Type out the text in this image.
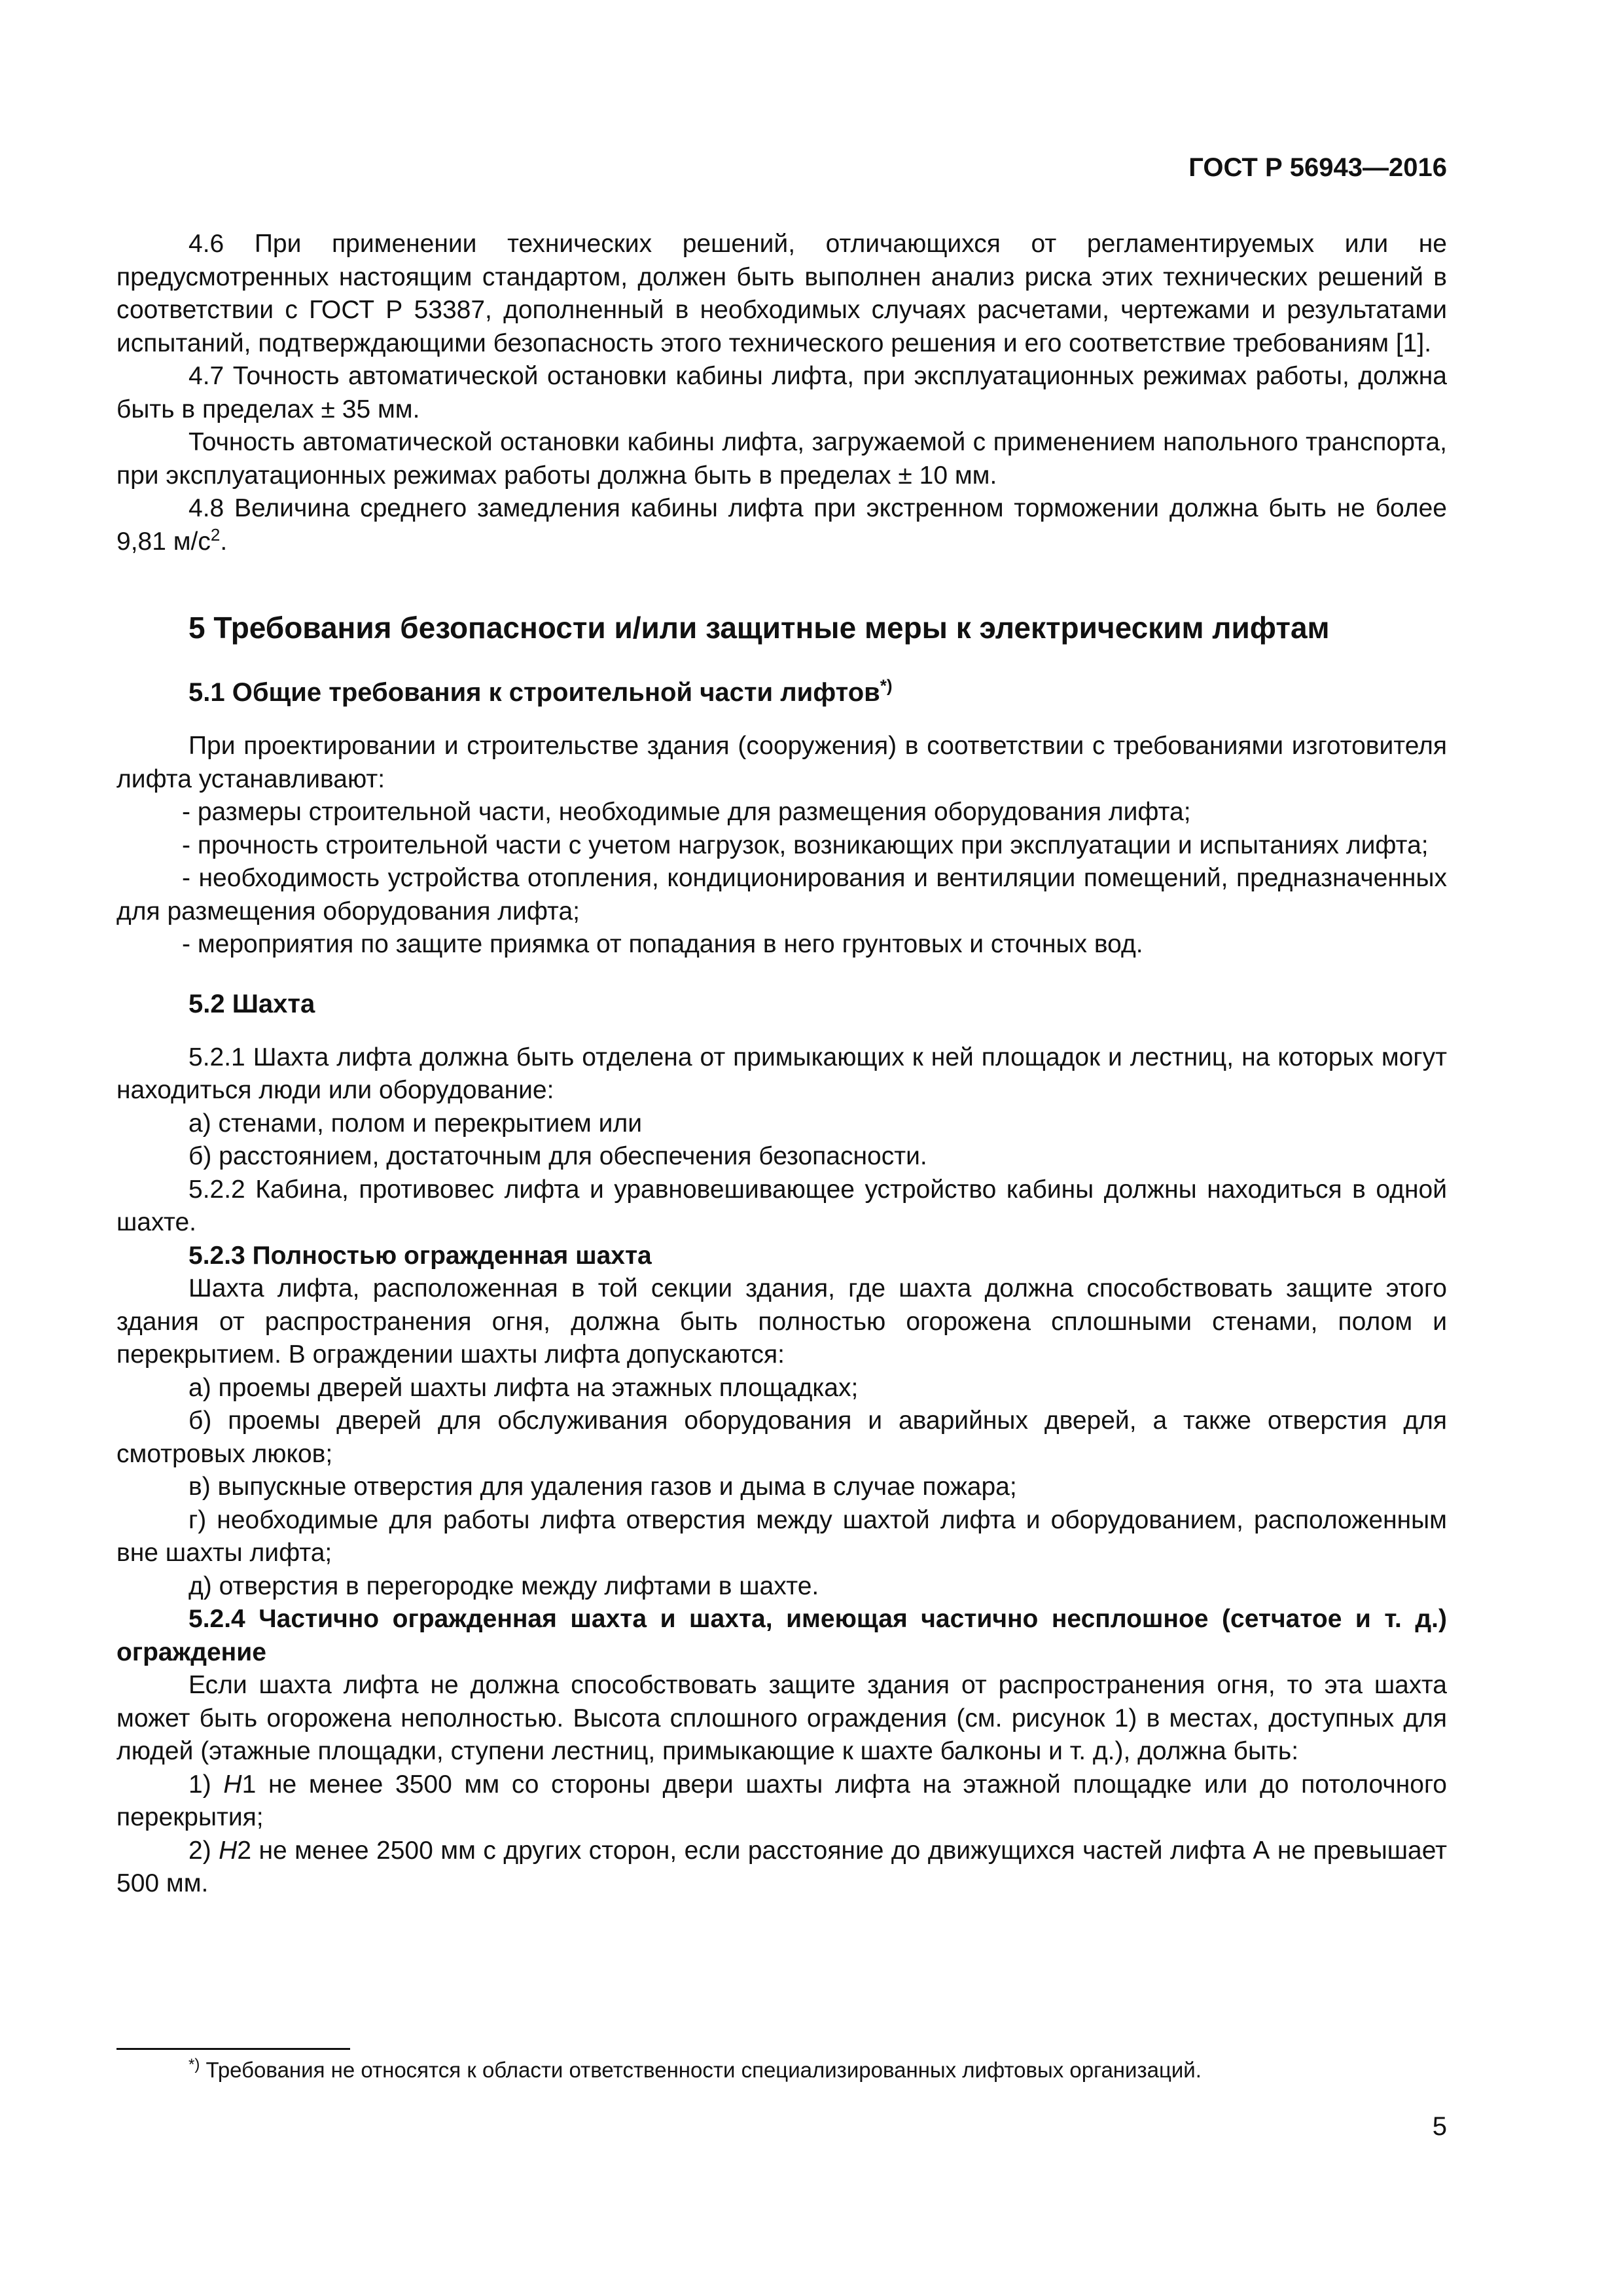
ГОСТ Р 56943—2016

4.6 При применении технических решений, отличающихся от регламентируемых или не предусмотренных настоящим стандартом, должен быть выполнен анализ риска этих технических решений в соответствии с ГОСТ Р 53387, дополненный в необходимых случаях расчетами, чертежами и результатами испытаний, подтверждающими безопасность этого технического решения и его соответствие требованиям [1].

4.7 Точность автоматической остановки кабины лифта, при эксплуатационных режимах работы, должна быть в пределах ± 35 мм.

Точность автоматической остановки кабины лифта, загружаемой с применением напольного транспорта, при эксплуатационных режимах работы должна быть в пределах ± 10 мм.

4.8 Величина среднего замедления кабины лифта при экстренном торможении должна быть не более 9,81 $м/с^2$.

5 Требования безопасности и/или защитные меры к электрическим лифтам
5.1 Общие требования к строительной части лифтов*)

При проектировании и строительстве здания (сооружения) в соответствии с требованиями изготовителя лифта устанавливают:

- размеры строительной части, необходимые для размещения оборудования лифта;

- прочность строительной части с учетом нагрузок, возникающих при эксплуатации и испытаниях лифта;

- необходимость устройства отопления, кондиционирования и вентиляции помещений, предназначенных для размещения оборудования лифта;

- мероприятия по защите приямка от попадания в него грунтовых и сточных вод.

5.2 Шахта

5.2.1 Шахта лифта должна быть отделена от примыкающих к ней площадок и лестниц, на которых могут находиться люди или оборудование:

а) стенами, полом и перекрытием или

б) расстоянием, достаточным для обеспечения безопасности.

5.2.2 Кабина, противовес лифта и уравновешивающее устройство кабины должны находиться в одной шахте.

5.2.3 Полностью огражденная шахта

Шахта лифта, расположенная в той секции здания, где шахта должна способствовать защите этого здания от распространения огня, должна быть полностью огорожена сплошными стенами, полом и перекрытием. В ограждении шахты лифта допускаются:

а) проемы дверей шахты лифта на этажных площадках;

б) проемы дверей для обслуживания оборудования и аварийных дверей, а также отверстия для смотровых люков;

в) выпускные отверстия для удаления газов и дыма в случае пожара;

г) необходимые для работы лифта отверстия между шахтой лифта и оборудованием, расположенным вне шахты лифта;

д) отверстия в перегородке между лифтами в шахте.

5.2.4 Частично огражденная шахта и шахта, имеющая частично несплошное (сетчатое и т. д.) ограждение

Если шахта лифта не должна способствовать защите здания от распространения огня, то эта шахта может быть огорожена неполностью. Высота сплошного ограждения (см. рисунок 1) в местах, доступных для людей (этажные площадки, ступени лестниц, примыкающие к шахте балконы и т. д.), должна быть:

1) Н1 не менее 3500 мм со стороны двери шахты лифта на этажной площадке или до потолочного перекрытия;

2) Н2 не менее 2500 мм с других сторон, если расстояние до движущихся частей лифта А не превышает 500 мм.

*) Требования не относятся к области ответственности специализированных лифтовых организаций.
5
